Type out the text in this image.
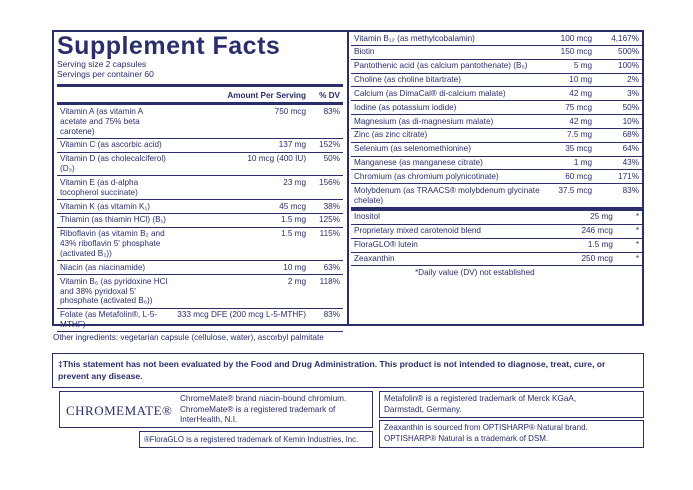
Supplement Facts
Serving size 2 capsules
Servings per container 60
	Amount Per Serving	% DV
Vitamin A (as vitamin A acetate and 75% beta carotene)	750 mcg	83%
Vitamin C (as ascorbic acid)	137 mg	152%
Vitamin D (as cholecalciferol) (D₃)	10 mcg (400 IU)	50%
Vitamin E (as d-alpha tocopherol succinate)	23 mg	156%
Vitamin K (as vitamin K₁)	45 mcg	38%
Thiamin (as thiamin HCl) (B₁)	1.5 mg	125%
Riboflavin (as vitamin B₂ and 43% riboflavin 5' phosphate (activated B₂))	1.5 mg	115%
Niacin (as niacinamide)	10 mg	63%
Vitamin B₆ (as pyridoxine HCl and 38% pyridoxal 5' phosphate (activated B₆))	2 mg	118%
Folate (as Metafolin®, L-5-MTHF)	333 mcg DFE (200 mcg L-5-MTHF)	83%
Vitamin B₁₂ (as methylcobalamin)	100 mcg	4,167%
Biotin	150 mcg	500%
Pantothenic acid (as calcium pantothenate) (B₅)	5 mg	100%
Choline (as choline bitartrate)	10 mg	2%
Calcium (as DimaCal® di-calcium malate)	42 mg	3%
Iodine (as potassium iodide)	75 mcg	50%
Magnesium (as di-magnesium malate)	42 mg	10%
Zinc (as zinc citrate)	7.5 mg	68%
Selenium (as selenomethionine)	35 mcg	64%
Manganese (as manganese citrate)	1 mg	43%
Chromium (as chromium polynicotinate)	60 mcg	171%
Molybdenum (as TRAACS® molybdenum glycinate chelate)	37.5 mcg	83%
Inositol	25 mg	*
Proprietary mixed carotenoid blend	246 mcg	*
FloraGLO® lutein	1.5 mg	*
Zeaxanthin	250 mcg	*
*Daily value (DV) not established
Other ingredients: vegetarian capsule (cellulose, water), ascorbyl palmitate
‡This statement has not been evaluated by the Food and Drug Administration. This product is not intended to diagnose, treat, cure, or prevent any disease.
CHROMEMATE®
ChromeMate® brand niacin-bound chromium. ChromeMate® is a registered trademark of InterHealth, N.I.
Metafolin® is a registered trademark of Merck KGaA, Darmstadt, Germany.
Zeaxanthin is sourced from OPTISHARP® Natural brand. OPTISHARP® Natural is a trademark of DSM.
®FloraGLO is a registered trademark of Kemin Industries, Inc.
